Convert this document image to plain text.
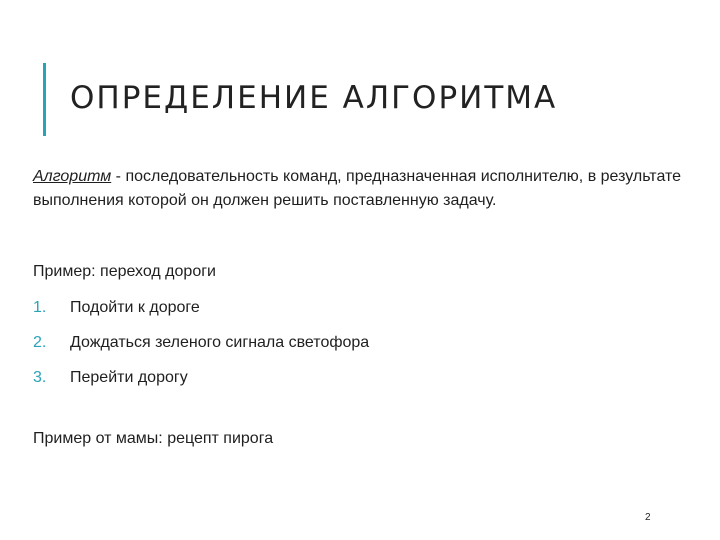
ОПРЕДЕЛЕНИЕ АЛГОРИТМА

Алгоритм - последовательность команд, предназначенная исполнителю, в результате выполнения которой он должен решить поставленную задачу.

Пример: переход дороги

1.	Подойти к дороге
2.	Дождаться зеленого сигнала светофора
3.	Перейти дорогу

Пример от мамы: рецепт пирога

2
